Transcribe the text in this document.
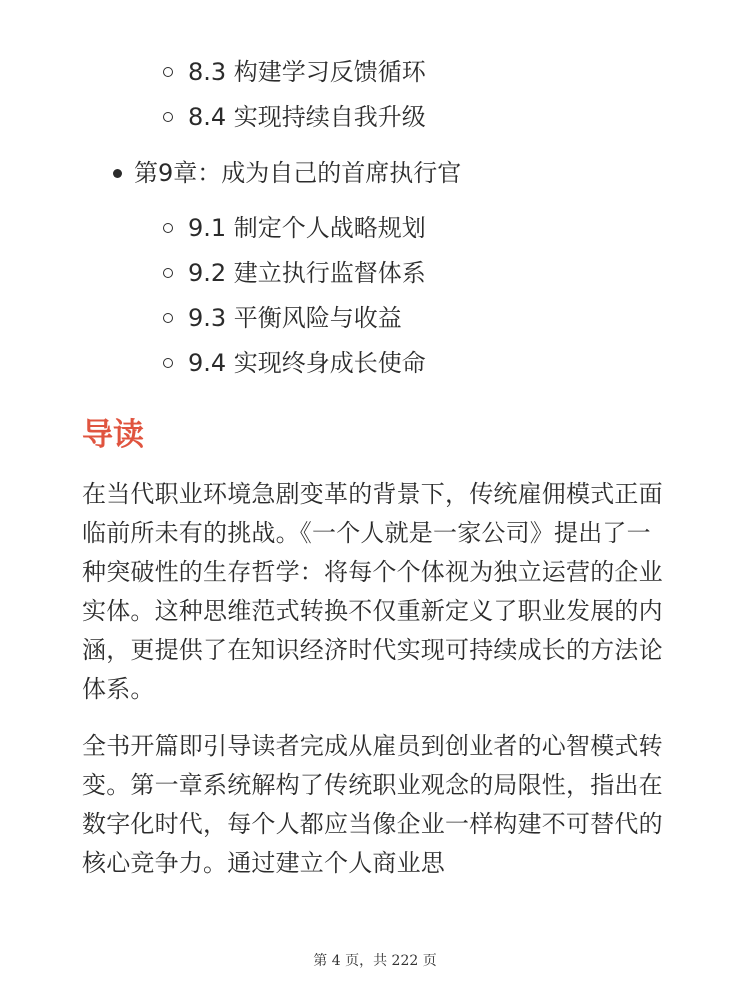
8.3 构建学习反馈循环
8.4 实现持续自我升级
第9章：成为自己的首席执行官
9.1 制定个人战略规划
9.2 建立执行监督体系
9.3 平衡风险与收益
9.4 实现终身成长使命
导读

在当代职业环境急剧变革的背景下，传统雇佣模式正面临前所未有的挑战。《一个人就是一家公司》提出了一种突破性的生存哲学：将每个个体视为独立运营的企业实体。这种思维范式转换不仅重新定义了职业发展的内涵，更提供了在知识经济时代实现可持续成长的方法论体系。

全书开篇即引导读者完成从雇员到创业者的心智模式转变。第一章系统解构了传统职业观念的局限性，指出在数字化时代，每个人都应当像企业一样构建不可替代的核心竞争力。通过建立个人商业思

第 4 页，共 222 页
